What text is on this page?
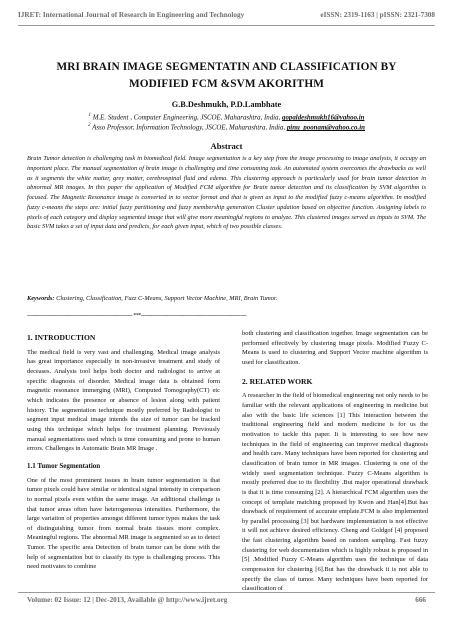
IJRET: International Journal of Research in Engineering and Technology	eISSN: 2319-1163 | pISSN: 2321-7308
MRI BRAIN IMAGE SEGMENTATIN AND CLASSIFICATION BY
MODIFIED FCM &SVM AKORITHM
G.B.Deshmukh, P.D.Lambhate
$^1$ M.E. Student , Computer Engineering, JSCOE, Maharashtra, India, gopaldeshmukh16@yahoo.in
$^2$ Asso Professor, Information Technology, JSCOE, Maharashtra, India, pinu_poonam@yahoo.co.in
Abstract
Brain Tumor detection is challenging task in biomedical field. Image segmentation is a key step from the image processing to image analysis, it occupy an important place. The manual segmentation of brain image is challenging and time consuming task. An automated system overcomes the drawbacks as well as it segments the white matter, grey matter, cerebrospinal fluid and edema. This clustering approach is particularly used for brain tumor detection in abnormal MR images. In this paper the application of Modified FCM algorithm for Brain tumor detection and its classification by SVM algorithm is focused. The Magnetic Resonance image is converted in to vector format and that is given as input to the modified fuzzy c-means algorithm. In modified fuzzy c-means the steps are: initial fuzzy partitioning and fuzzy membership generation Cluster updation based on objective function. Assigning labels to pixels of each category and display segmented image that will give more meaningful regions to analyze. This clustered images served as inputs to SVM. The basic SVM takes a set of input data and predicts, for each given input, which of two possible classes.
Keywords: Clustering, Classification, Fuzz C-Means, Support Vector Machine, MRI, Brain Tumor.
-------------------------------------------------------------------- ***--------------------------------------------------------------------
1. INTRODUCTION

The medical field is very vast and challenging. Medical image analysis has great importance especially in non-invasive treatment and study of deceases. Analysis tool helps both doctor and radiologist to arrive at specific diagnosis of disorder. Medical image data is obtained form magnetic resonance immerging (MRI), Computed Tomography(CT) etc which indicates the presence or absence of lesion along with patient history. The segmentation technique mostly preferred by Radiologist to segment input medical image intends the size of tumor can be tracked using this technique which helps for treatment planning. Previously manual segmentations used which is time consuming and prone to human errors. Challenges in Automatic Brain MR Image .

1.1 Tumor Segmentation

One of the most prominent issues in brain tumor segmentation is that tumor pixels could have similar or identical signal intensity in comparison to normal pixels even within the same image. An additional challenge is that tumor areas often have heterogeneous intensities. Furthermore, the large variation of properties amongst different tumor types makes the task of distinguishing tumor from normal brain tissues more complex. Meaningful regions. The abnormal MR image is segmented so as to detect Tumor. The specific area Detection of brain tumor can be done with the help of segmentation but to classify its type is challenging process. This need motivates to combine

both clustering and classification together. Image segmentation can be performed effectively by clustering image pixels. Modified Fuzzy C-Means is used to clustering and Support Vector machine algorithm is used for classification.

2. RELATED WORK

A researcher in the field of biomedical engineering not only needs to be familiar with the relevant applications of engineering in medicine but also with the basic life sciences [1] This interaction between the traditional engineering field and modern medicine is for us the motivation to tackle this paper. It is interesting to see how new techniques in the field of engineering can improve medical diagnosis and health care. Many techniques have been reported for clustering and classification of brain tumor in MR images. Clustering is one of the widely used segmentation technique. Fuzzy C-Means algorithm is mostly preferred due to its flexibility .But major operational drawback is that it is time consuming [2]. A hierarchical FCM algorithm uses the concept of template matching proposed by Kwon and Han[4].But has drawback of requirement of accurate emplate.FCM is also implemented by parallel processing [3] but hardware implementation is not effective it will not achieve desired efficiency. Cheng and Goldgof [4] proposed the fast clustering algorithm based on random sampling. Fast fuzzy clustering for web documentation which is highly robust is proposed in [5] .Modified Fuzzy C-Means algorithm uses the technique of data compression for clustering [6].But has the drawback it is not able to specify the class of tumor. Many techniques have been reported for classification of

Volume: 02 Issue: 12 | Dec-2013, Available @ http://www.ijret.org	666
